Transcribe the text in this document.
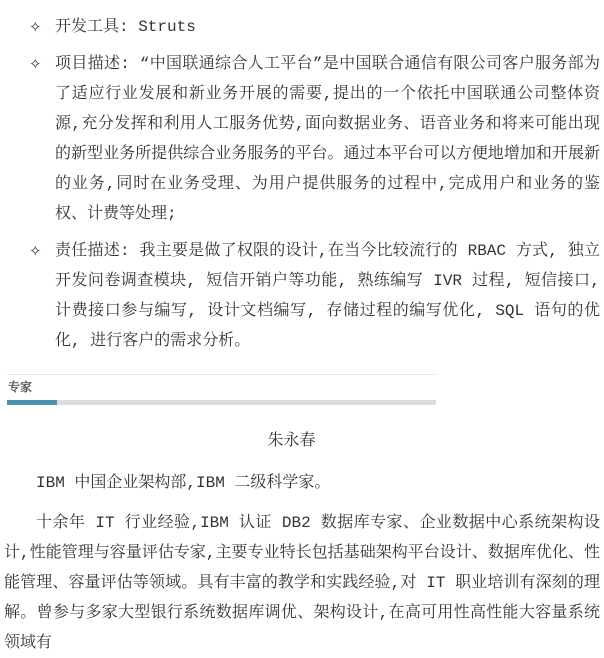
✧ 开发工具: Struts
✧ 项目描述: “中国联通综合人工平台”是中国联合通信有限公司客户服务部为了适应行业发展和新业务开展的需要,提出的一个依托中国联通公司整体资源,充分发挥和利用人工服务优势,面向数据业务、语音业务和将来可能出现的新型业务所提供综合业务服务的平台。通过本平台可以方便地增加和开展新的业务,同时在业务受理、为用户提供服务的过程中,完成用户和业务的鉴权、计费等处理;
✧ 责任描述: 我主要是做了权限的设计,在当今比较流行的 RBAC 方式, 独立开发问卷调查模块, 短信开销户等功能, 熟练编写 IVR 过程, 短信接口, 计费接口参与编写, 设计文档编写, 存储过程的编写优化, SQL 语句的优化, 进行客户的需求分析。
专家
朱永春

IBM 中国企业架构部,IBM 二级科学家。

十余年 IT 行业经验,IBM 认证 DB2 数据库专家、企业数据中心系统架构设计,性能管理与容量评估专家,主要专业特长包括基础架构平台设计、数据库优化、性能管理、容量评估等领域。具有丰富的教学和实践经验,对 IT 职业培训有深刻的理解。曾参与多家大型银行系统数据库调优、架构设计,在高可用性高性能大容量系统领域有
